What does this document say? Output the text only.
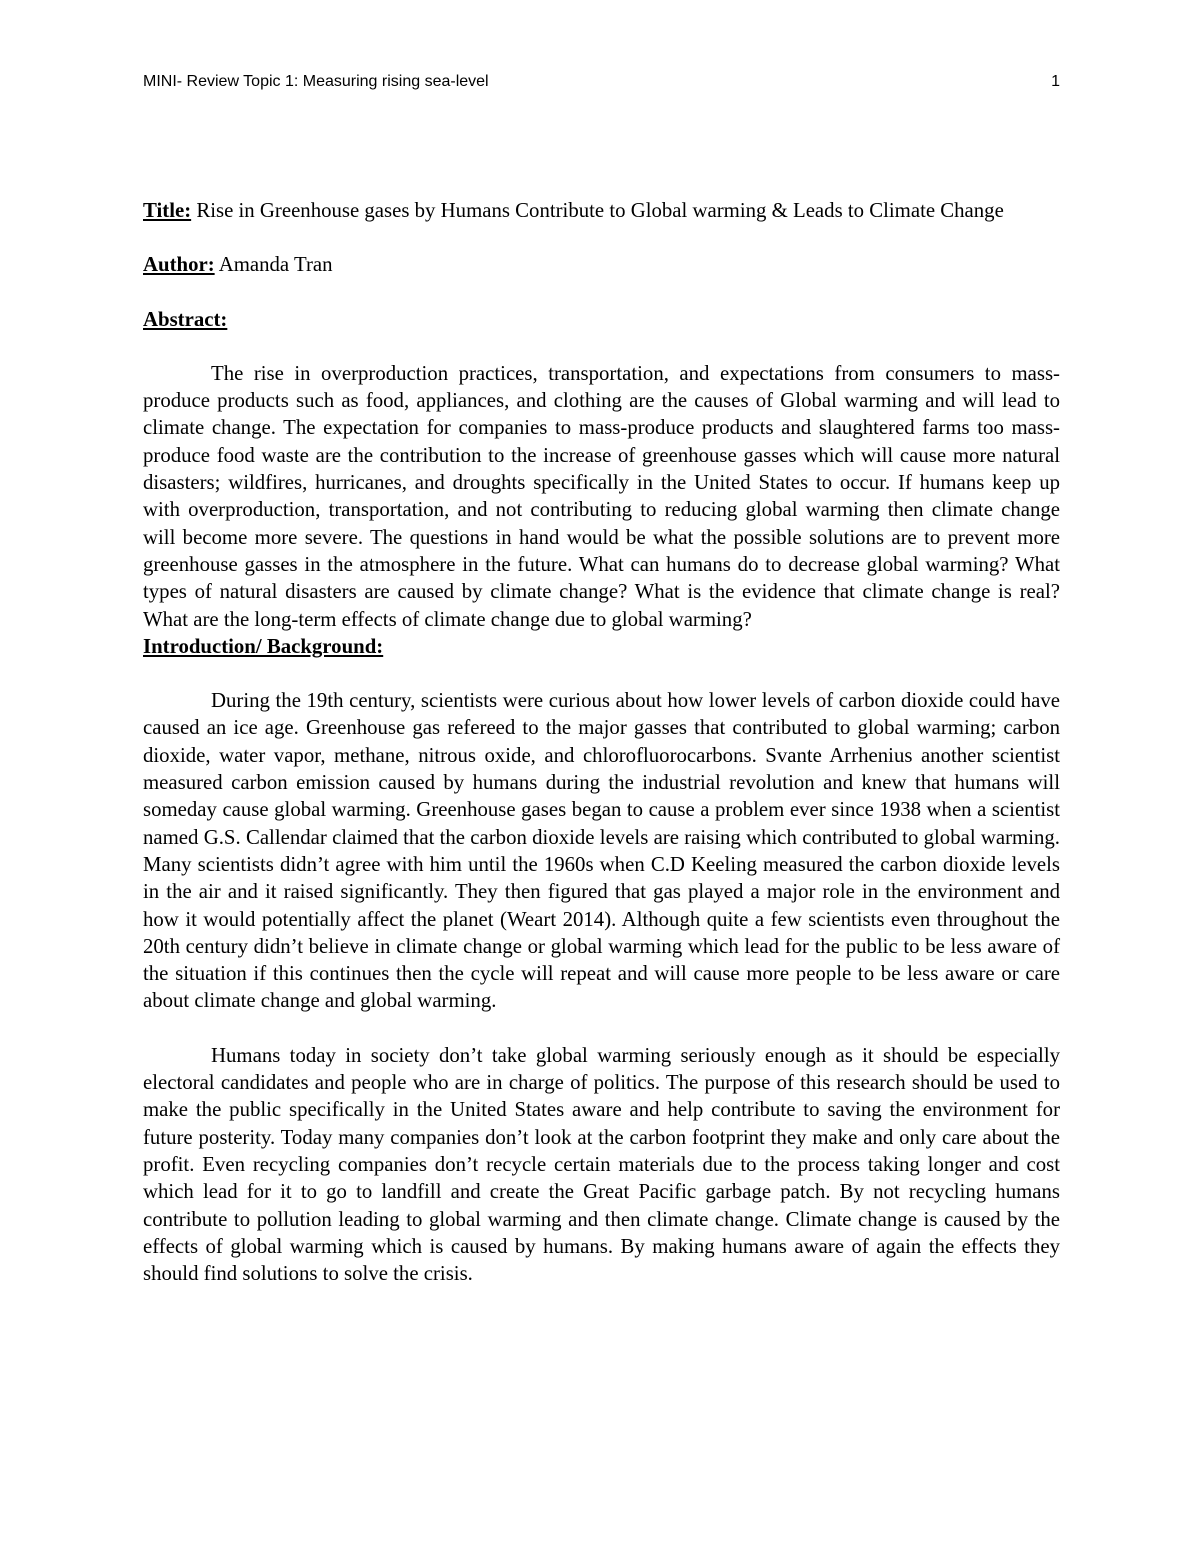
MINI- Review Topic 1: Measuring rising sea-level	1

Title: Rise in Greenhouse gases by Humans Contribute to Global warming & Leads to Climate Change

Author: Amanda Tran

Abstract:

The rise in overproduction practices, transportation, and expectations from consumers to mass-produce products such as food, appliances, and clothing are the causes of Global warming and will lead to climate change. The expectation for companies to mass-produce products and slaughtered farms too mass-produce food waste are the contribution to the increase of greenhouse gasses which will cause more natural disasters; wildfires, hurricanes, and droughts specifically in the United States to occur. If humans keep up with overproduction, transportation, and not contributing to reducing global warming then climate change will become more severe. The questions in hand would be what the possible solutions are to prevent more greenhouse gasses in the atmosphere in the future. What can humans do to decrease global warming? What types of natural disasters are caused by climate change? What is the evidence that climate change is real? What are the long-term effects of climate change due to global warming?

Introduction/ Background:

During the 19th century, scientists were curious about how lower levels of carbon dioxide could have caused an ice age. Greenhouse gas refereed to the major gasses that contributed to global warming; carbon dioxide, water vapor, methane, nitrous oxide, and chlorofluorocarbons. Svante Arrhenius another scientist measured carbon emission caused by humans during the industrial revolution and knew that humans will someday cause global warming. Greenhouse gases began to cause a problem ever since 1938 when a scientist named G.S. Callendar claimed that the carbon dioxide levels are raising which contributed to global warming. Many scientists didn’t agree with him until the 1960s when C.D Keeling measured the carbon dioxide levels in the air and it raised significantly. They then figured that gas played a major role in the environment and how it would potentially affect the planet (Weart 2014). Although quite a few scientists even throughout the 20th century didn’t believe in climate change or global warming which lead for the public to be less aware of the situation if this continues then the cycle will repeat and will cause more people to be less aware or care about climate change and global warming.

Humans today in society don’t take global warming seriously enough as it should be especially electoral candidates and people who are in charge of politics. The purpose of this research should be used to make the public specifically in the United States aware and help contribute to saving the environment for future posterity. Today many companies don’t look at the carbon footprint they make and only care about the profit. Even recycling companies don’t recycle certain materials due to the process taking longer and cost which lead for it to go to landfill and create the Great Pacific garbage patch. By not recycling humans contribute to pollution leading to global warming and then climate change. Climate change is caused by the effects of global warming which is caused by humans. By making humans aware of again the effects they should find solutions to solve the crisis.
